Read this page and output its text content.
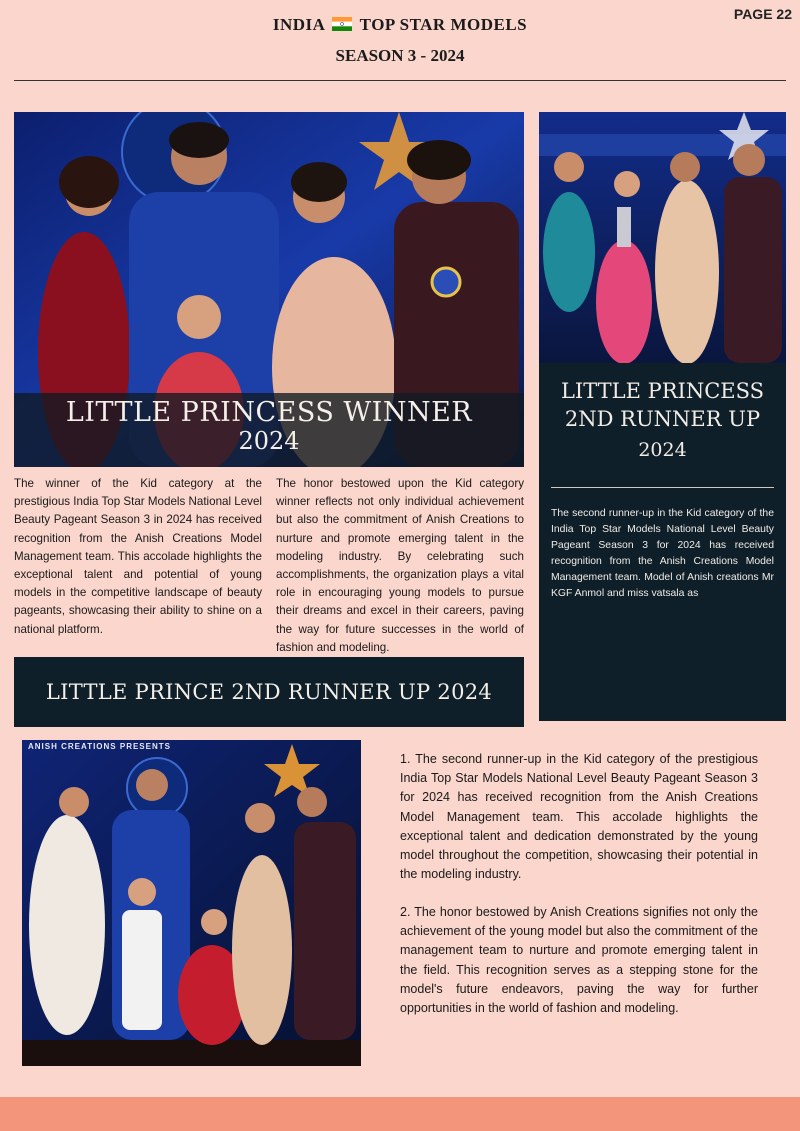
PAGE 22
INDIA TOP STAR MODELS
SEASON 3 - 2024
LITTLE PRINCESS WINNER
2024
The winner of the Kid category at the prestigious India Top Star Models National Level Beauty Pageant Season 3 in 2024 has received recognition from the Anish Creations Model Management team. This accolade highlights the exceptional talent and potential of young models in the competitive landscape of beauty pageants, showcasing their ability to shine on a national platform.
The honor bestowed upon the Kid category winner reflects not only individual achievement but also the commitment of Anish Creations to nurture and promote emerging talent in the modeling industry. By celebrating such accomplishments, the organization plays a vital role in encouraging young models to pursue their dreams and excel in their careers, paving the way for future successes in the world of fashion and modeling.
LITTLE PRINCESS
2ND RUNNER UP
2024
The second runner-up in the Kid category of the India Top Star Models National Level Beauty Pageant Season 3 for 2024 has received recognition from the Anish Creations Model Management team. Model of Anish creations Mr KGF Anmol and miss vatsala as
LITTLE PRINCE 2ND RUNNER UP 2024
ANISH CREATIONS PRESENTS
1. The second runner-up in the Kid category of the prestigious India Top Star Models National Level Beauty Pageant Season 3 for 2024 has received recognition from the Anish Creations Model Management team. This accolade highlights the exceptional talent and dedication demonstrated by the young model throughout the competition, showcasing their potential in the modeling industry.
2. The honor bestowed by Anish Creations signifies not only the achievement of the young model but also the commitment of the management team to nurture and promote emerging talent in the field. This recognition serves as a stepping stone for the model's future endeavors, paving the way for further opportunities in the world of fashion and modeling.
